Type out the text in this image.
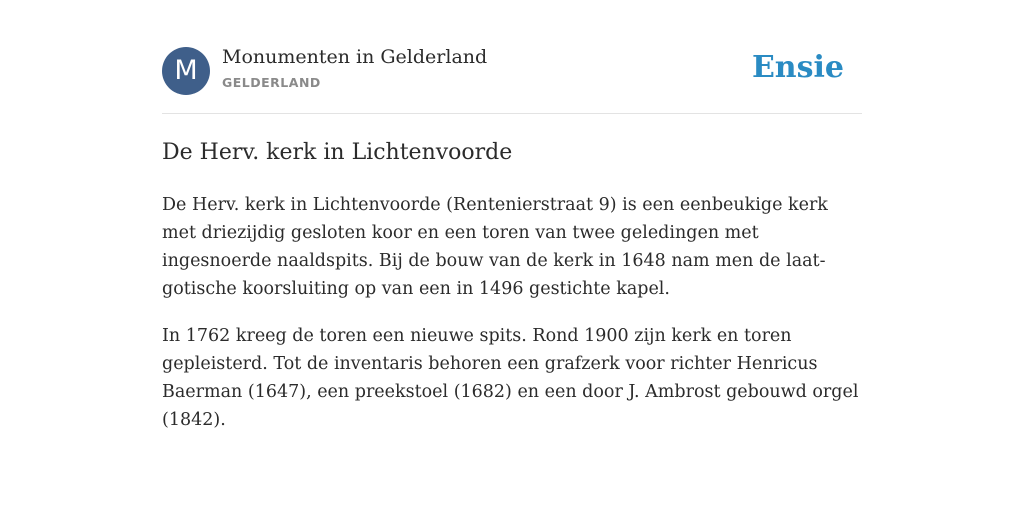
M	Monumenten in Gelderland
GELDERLAND	Ensie
De Herv. kerk in Lichtenvoorde

De Herv. kerk in Lichtenvoorde (Rentenierstraat 9) is een eenbeukige kerk met driezijdig gesloten koor en een toren van twee geledingen met ingesnoerde naaldspits. Bij de bouw van de kerk in 1648 nam men de laat-gotische koorsluiting op van een in 1496 gestichte kapel.

In 1762 kreeg de toren een nieuwe spits. Rond 1900 zijn kerk en toren gepleisterd. Tot de inventaris behoren een grafzerk voor richter Henricus Baerman (1647), een preekstoel (1682) en een door J. Ambrost gebouwd orgel (1842).
